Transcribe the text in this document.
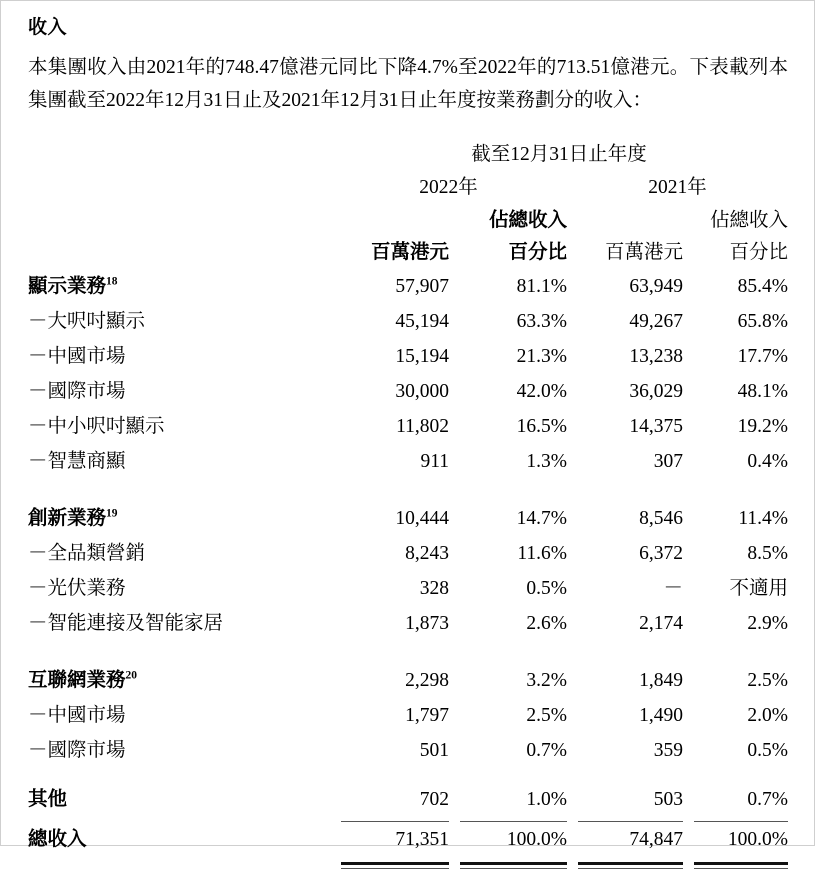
收入

本集團收入由2021年的748.47億港元同比下降4.7%至2022年的713.51億港元。下表載列本集團截至2022年12月31日止及2021年12月31日止年度按業務劃分的收入：

	截至12月31日止年度			
	2022年		2021年	
		佔總收入		佔總收入
	百萬港元	百分比	百萬港元	百分比
顯示業務$^{18}$	57,907	81.1%	63,949	85.4%
－大呎吋顯示	45,194	63.3%	49,267	65.8%
－中國市場	15,194	21.3%	13,238	17.7%
－國際市場	30,000	42.0%	36,029	48.1%
－中小呎吋顯示	11,802	16.5%	14,375	19.2%
－智慧商顯	911	1.3%	307	0.4%

創新業務$^{19}$	10,444	14.7%	8,546	11.4%
－全品類營銷	8,243	11.6%	6,372	8.5%
－光伏業務	328	0.5%	－	不適用
－智能連接及智能家居	1,873	2.6%	2,174	2.9%

互聯網業務$^{20}$	2,298	3.2%	1,849	2.5%
－中國市場	1,797	2.5%	1,490	2.0%
－國際市場	501	0.7%	359	0.5%

其他	702	1.0%	503	0.7%

總收入	71,351	100.0%	74,847	100.0%
